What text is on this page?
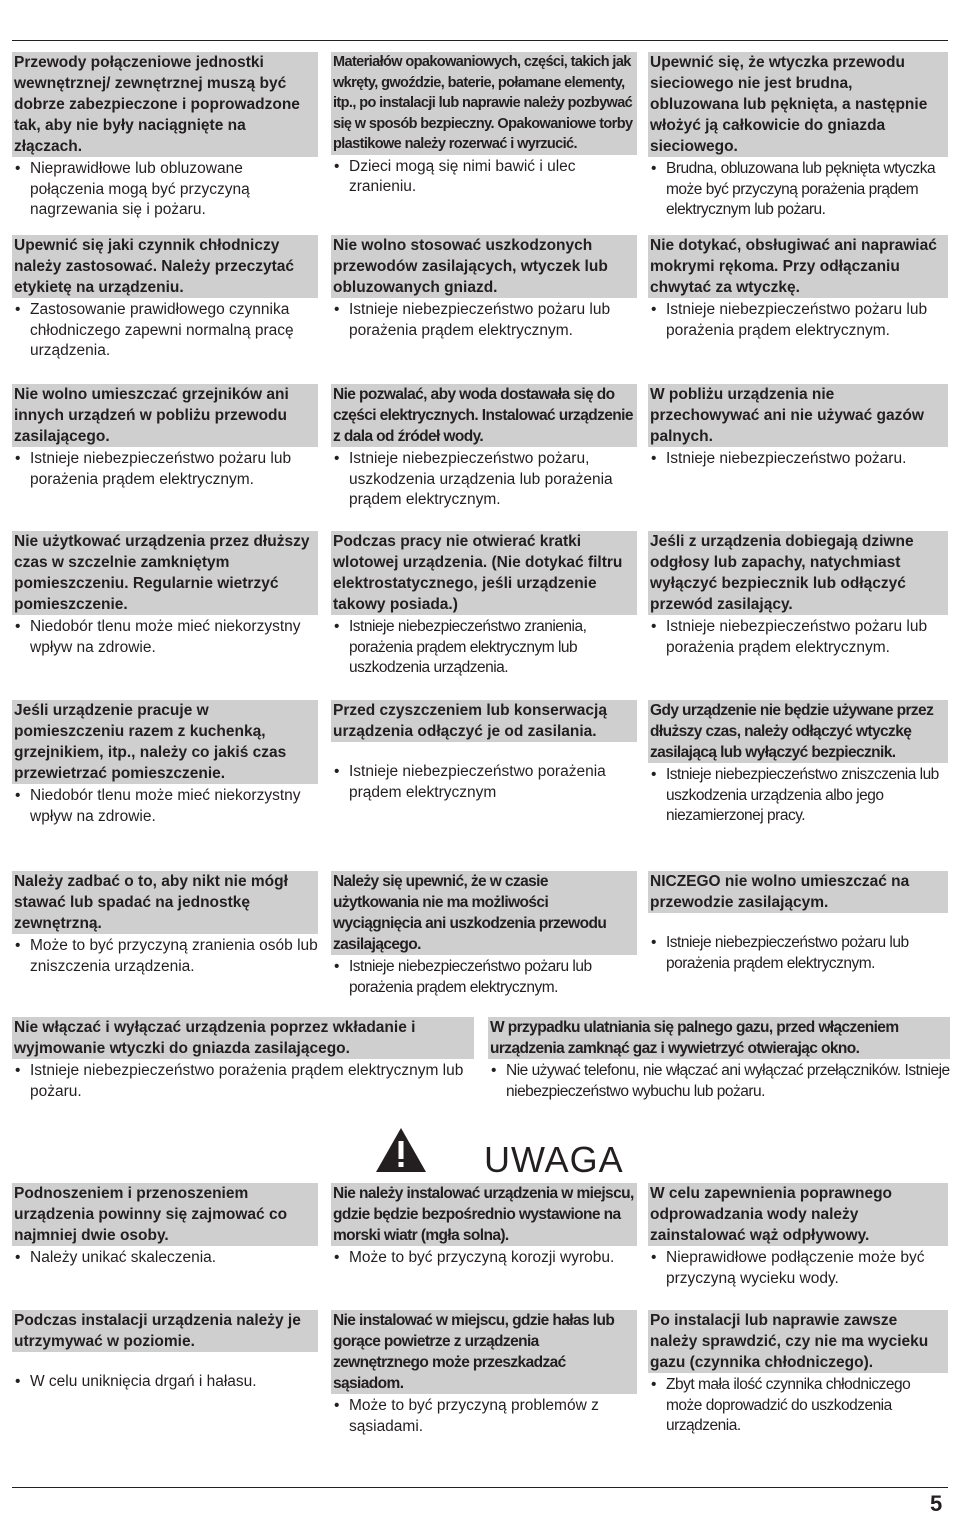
Przewody połączeniowe jednostki wewnętrznej/ zewnętrznej muszą być dobrze zabezpieczone i poprowadzone tak, aby nie były naciągnięte na złączach.
• Nieprawidłowe lub obluzowane połączenia mogą być przyczyną nagrzewania się i pożaru.
Materiałów opakowaniowych, części, takich jak wkręty, gwoździe, baterie, połamane elementy, itp., po instalacji lub naprawie należy pozbywać się w sposób bezpieczny. Opakowaniowe torby plastikowe należy rozerwać i wyrzucić.
• Dzieci mogą się nimi bawić i ulec zranieniu.
Upewnić się, że wtyczka przewodu sieciowego nie jest brudna, obluzowana lub pęknięta, a następnie włożyć ją całkowicie do gniazda sieciowego.
• Brudna, obluzowana lub pęknięta wtyczka może być przyczyną porażenia prądem elektrycznym lub pożaru.
Upewnić się jaki czynnik chłodniczy należy zastosować. Należy przeczytać etykietę na urządzeniu.
• Zastosowanie prawidłowego czynnika chłodniczego zapewni normalną pracę urządzenia.
Nie wolno stosować uszkodzonych przewodów zasilających, wtyczek lub obluzowanych gniazd.
• Istnieje niebezpieczeństwo pożaru lub porażenia prądem elektrycznym.
Nie dotykać, obsługiwać ani naprawiać mokrymi rękoma. Przy odłączaniu chwytać za wtyczkę.
• Istnieje niebezpieczeństwo pożaru lub porażenia prądem elektrycznym.
Nie wolno umieszczać grzejników ani innych urządzeń w pobliżu przewodu zasilającego.
• Istnieje niebezpieczeństwo pożaru lub porażenia prądem elektrycznym.
Nie pozwalać, aby woda dostawała się do części elektrycznych. Instalować urządzenie z dala od źródeł wody.
• Istnieje niebezpieczeństwo pożaru, uszkodzenia urządzenia lub porażenia prądem elektrycznym.
W pobliżu urządzenia nie przechowywać ani nie używać gazów palnych.
• Istnieje niebezpieczeństwo pożaru.
Nie użytkować urządzenia przez dłuższy czas w szczelnie zamkniętym pomieszczeniu. Regularnie wietrzyć pomieszczenie.
• Niedobór tlenu może mieć niekorzystny wpływ na zdrowie.
Podczas pracy nie otwierać kratki wlotowej urządzenia. (Nie dotykać filtru elektrostatycznego, jeśli urządzenie takowy posiada.)
• Istnieje niebezpieczeństwo zranienia, porażenia prądem elektrycznym lub uszkodzenia urządzenia.
Jeśli z urządzenia dobiegają dziwne odgłosy lub zapachy, natychmiast wyłączyć bezpiecznik lub odłączyć przewód zasilający.
• Istnieje niebezpieczeństwo pożaru lub porażenia prądem elektrycznym.
Jeśli urządzenie pracuje w pomieszczeniu razem z kuchenką, grzejnikiem, itp., należy co jakiś czas przewietrzać pomieszczenie.
• Niedobór tlenu może mieć niekorzystny wpływ na zdrowie.
Przed czyszczeniem lub konserwacją urządzenia odłączyć je od zasilania.
• Istnieje niebezpieczeństwo porażenia prądem elektrycznym
Gdy urządzenie nie będzie używane przez dłuższy czas, należy odłączyć wtyczkę zasilającą lub wyłączyć bezpiecznik.
• Istnieje niebezpieczeństwo zniszczenia lub uszkodzenia urządzenia albo jego niezamierzonej pracy.
Należy zadbać o to, aby nikt nie mógł stawać lub spadać na jednostkę zewnętrzną.
• Może to być przyczyną zranienia osób lub zniszczenia urządzenia.
Należy się upewnić, że w czasie użytkowania nie ma możliwości wyciągnięcia ani uszkodzenia przewodu zasilającego.
• Istnieje niebezpieczeństwo pożaru lub porażenia prądem elektrycznym.
NICZEGO nie wolno umieszczać na przewodzie zasilającym.
• Istnieje niebezpieczeństwo pożaru lub porażenia prądem elektrycznym.
Nie włączać i wyłączać urządzenia poprzez wkładanie i wyjmowanie wtyczki do gniazda zasilającego.
• Istnieje niebezpieczeństwo porażenia prądem elektrycznym lub pożaru.
W przypadku ulatniania się palnego gazu, przed włączeniem urządzenia zamknąć gaz i wywietrzyć otwierając okno.
• Nie używać telefonu, nie włączać ani wyłączać przełączników. Istnieje niebezpieczeństwo wybuchu lub pożaru.
UWAGA
Podnoszeniem i przenoszeniem urządzenia powinny się zajmować co najmniej dwie osoby.
• Należy unikać skaleczenia.
Nie należy instalować urządzenia w miejscu, gdzie będzie bezpośrednio wystawione na morski wiatr (mgła solna).
• Może to być przyczyną korozji wyrobu.
W celu zapewnienia poprawnego odprowadzania wody należy zainstalować wąż odpływowy.
• Nieprawidłowe podłączenie może być przyczyną wycieku wody.
Podczas instalacji urządzenia należy je utrzymywać w poziomie.
• W celu uniknięcia drgań i hałasu.
Nie instalować w miejscu, gdzie hałas lub gorące powietrze z urządzenia zewnętrznego może przeszkadzać sąsiadom.
• Może to być przyczyną problemów z sąsiadami.
Po instalacji lub naprawie zawsze należy sprawdzić, czy nie ma wycieku gazu (czynnika chłodniczego).
• Zbyt mała ilość czynnika chłodniczego może doprowadzić do uszkodzenia urządzenia.
5
